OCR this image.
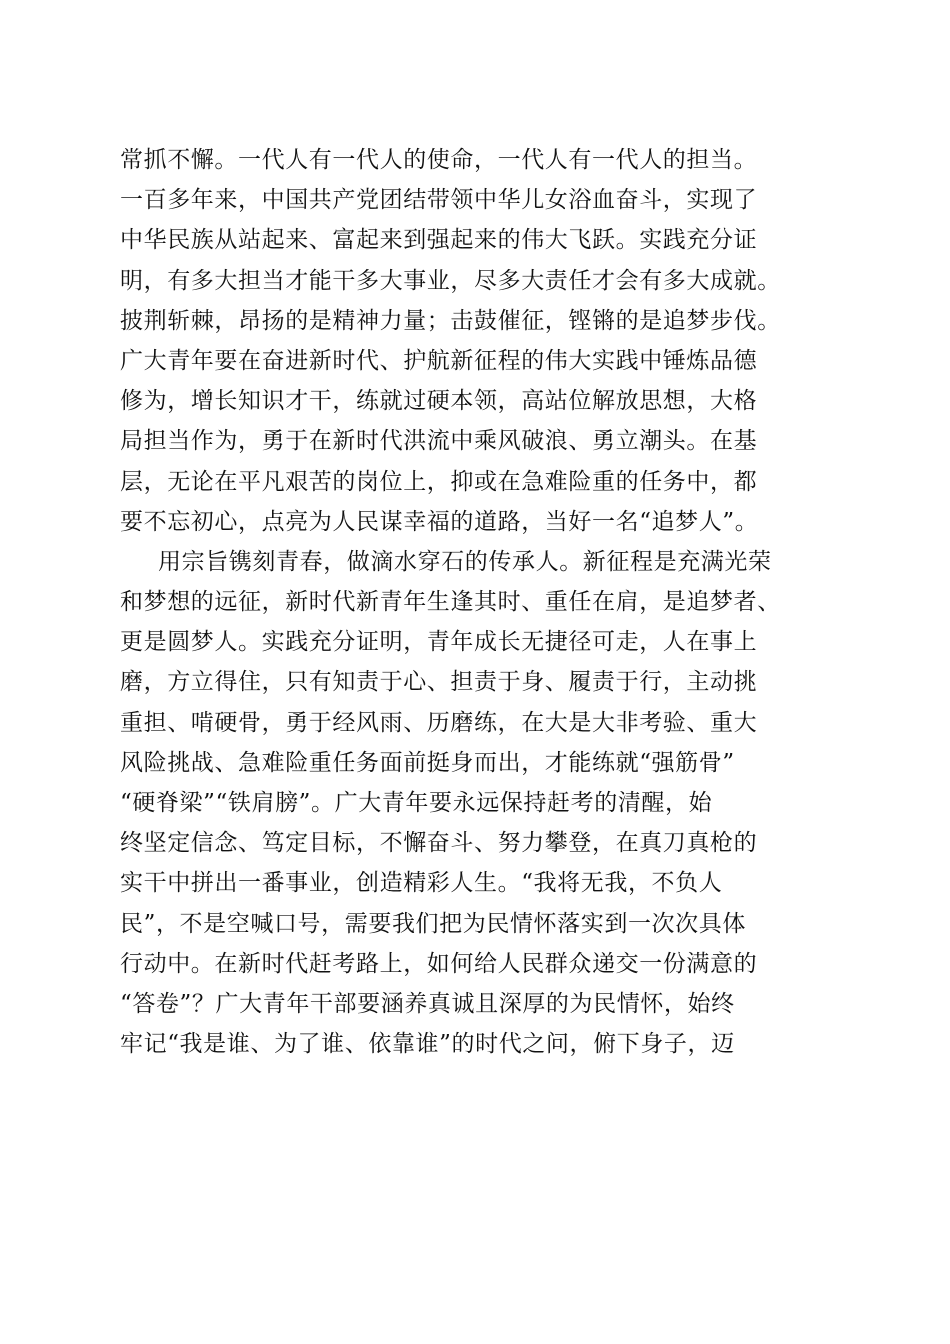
常抓不懈。一代人有一代人的使命，一代人有一代人的担当。
一百多年来，中国共产党团结带领中华儿女浴血奋斗，实现了
中华民族从站起来、富起来到强起来的伟大飞跃。实践充分证
明，有多大担当才能干多大事业，尽多大责任才会有多大成就。
披荆斩棘，昂扬的是精神力量；击鼓催征，铿锵的是追梦步伐。
广大青年要在奋进新时代、护航新征程的伟大实践中锤炼品德
修为，增长知识才干，练就过硬本领，高站位解放思想，大格
局担当作为，勇于在新时代洪流中乘风破浪、勇立潮头。在基
层，无论在平凡艰苦的岗位上，抑或在急难险重的任务中，都
要不忘初心，点亮为人民谋幸福的道路，当好一名“追梦人”。
用宗旨镌刻青春，做滴水穿石的传承人。新征程是充满光荣
和梦想的远征，新时代新青年生逢其时、重任在肩，是追梦者、
更是圆梦人。实践充分证明，青年成长无捷径可走，人在事上
磨，方立得住，只有知责于心、担责于身、履责于行，主动挑
重担、啃硬骨，勇于经风雨、历磨练，在大是大非考验、重大
风险挑战、急难险重任务面前挺身而出，才能练就“强筋骨”
“硬脊梁”“铁肩膀”。广大青年要永远保持赶考的清醒，始
终坚定信念、笃定目标，不懈奋斗、努力攀登，在真刀真枪的
实干中拼出一番事业，创造精彩人生。“我将无我，不负人
民”，不是空喊口号，需要我们把为民情怀落实到一次次具体
行动中。在新时代赶考路上，如何给人民群众递交一份满意的
“答卷”？广大青年干部要涵养真诚且深厚的为民情怀，始终
牢记“我是谁、为了谁、依靠谁”的时代之问，俯下身子，迈
